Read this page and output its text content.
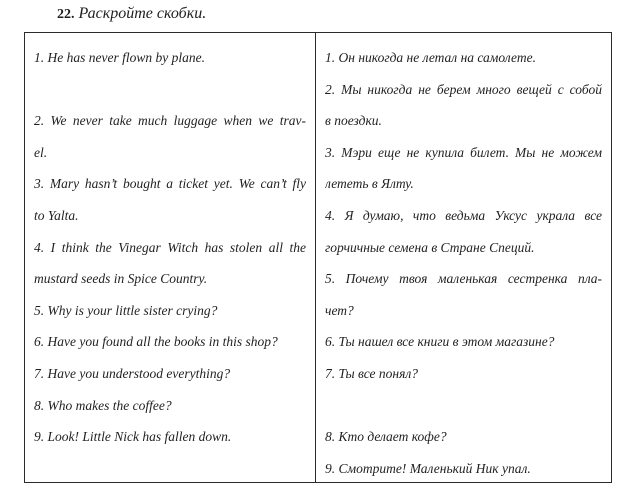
22. Раскройте скобки.
1. He has never flown by plane.
2. We never take much luggage when we trav-
el.
3. Mary hasn’t bought a ticket yet. We can’t fly
to Yalta.
4. I think the Vinegar Witch has stolen all the
mustard seeds in Spice Country.
5. Why is your little sister crying?
6. Have you found all the books in this shop?
7. Have you understood everything?
8. Who makes the coffee?
9. Look! Little Nick has fallen down.
1. Он никогда не летал на самолете.
2. Мы никогда не берем много вещей с собой
в поездки.
3. Мэри еще не купила билет. Мы не можем
лететь в Ялту.
4. Я думаю, что ведьма Уксус украла все
горчичные семена в Стране Специй.
5. Почему твоя маленькая сестренка пла-
чет?
6. Ты нашел все книги в этом магазине?
7. Ты все понял?
8. Кто делает кофе?
9. Смотрите! Маленький Ник упал.
